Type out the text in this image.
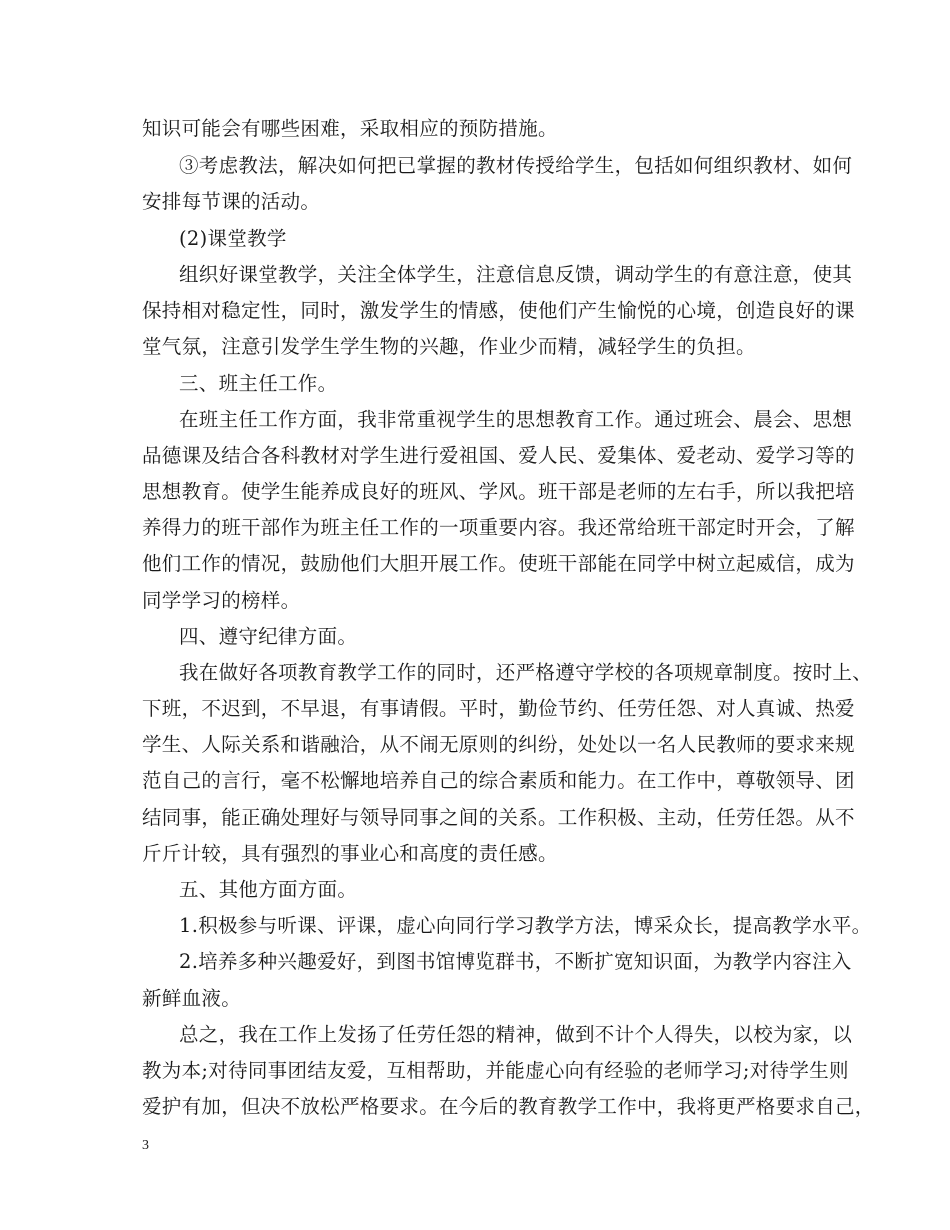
知识可能会有哪些困难，采取相应的预防措施。
③考虑教法，解决如何把已掌握的教材传授给学生，包括如何组织教材、如何
安排每节课的活动。
(2)课堂教学
组织好课堂教学，关注全体学生，注意信息反馈，调动学生的有意注意，使其
保持相对稳定性，同时，激发学生的情感，使他们产生愉悦的心境，创造良好的课
堂气氛，注意引发学生学生物的兴趣，作业少而精，减轻学生的负担。
三、班主任工作。
在班主任工作方面，我非常重视学生的思想教育工作。通过班会、晨会、思想
品德课及结合各科教材对学生进行爱祖国、爱人民、爱集体、爱老动、爱学习等的
思想教育。使学生能养成良好的班风、学风。班干部是老师的左右手，所以我把培
养得力的班干部作为班主任工作的一项重要内容。我还常给班干部定时开会，了解
他们工作的情况，鼓励他们大胆开展工作。使班干部能在同学中树立起威信，成为
同学学习的榜样。
四、遵守纪律方面。
我在做好各项教育教学工作的同时，还严格遵守学校的各项规章制度。按时上、
下班，不迟到，不早退，有事请假。平时，勤俭节约、任劳任怨、对人真诚、热爱
学生、人际关系和谐融洽，从不闹无原则的纠纷，处处以一名人民教师的要求来规
范自己的言行，毫不松懈地培养自己的综合素质和能力。在工作中，尊敬领导、团
结同事，能正确处理好与领导同事之间的关系。工作积极、主动，任劳任怨。从不
斤斤计较，具有强烈的事业心和高度的责任感。
五、其他方面方面。
1.积极参与听课、评课，虚心向同行学习教学方法，博采众长，提高教学水平。
2.培养多种兴趣爱好，到图书馆博览群书，不断扩宽知识面，为教学内容注入
新鲜血液。
总之，我在工作上发扬了任劳任怨的精神，做到不计个人得失，以校为家，以
教为本;对待同事团结友爱，互相帮助，并能虚心向有经验的老师学习;对待学生则
爱护有加，但决不放松严格要求。在今后的教育教学工作中，我将更严格要求自己，
3
